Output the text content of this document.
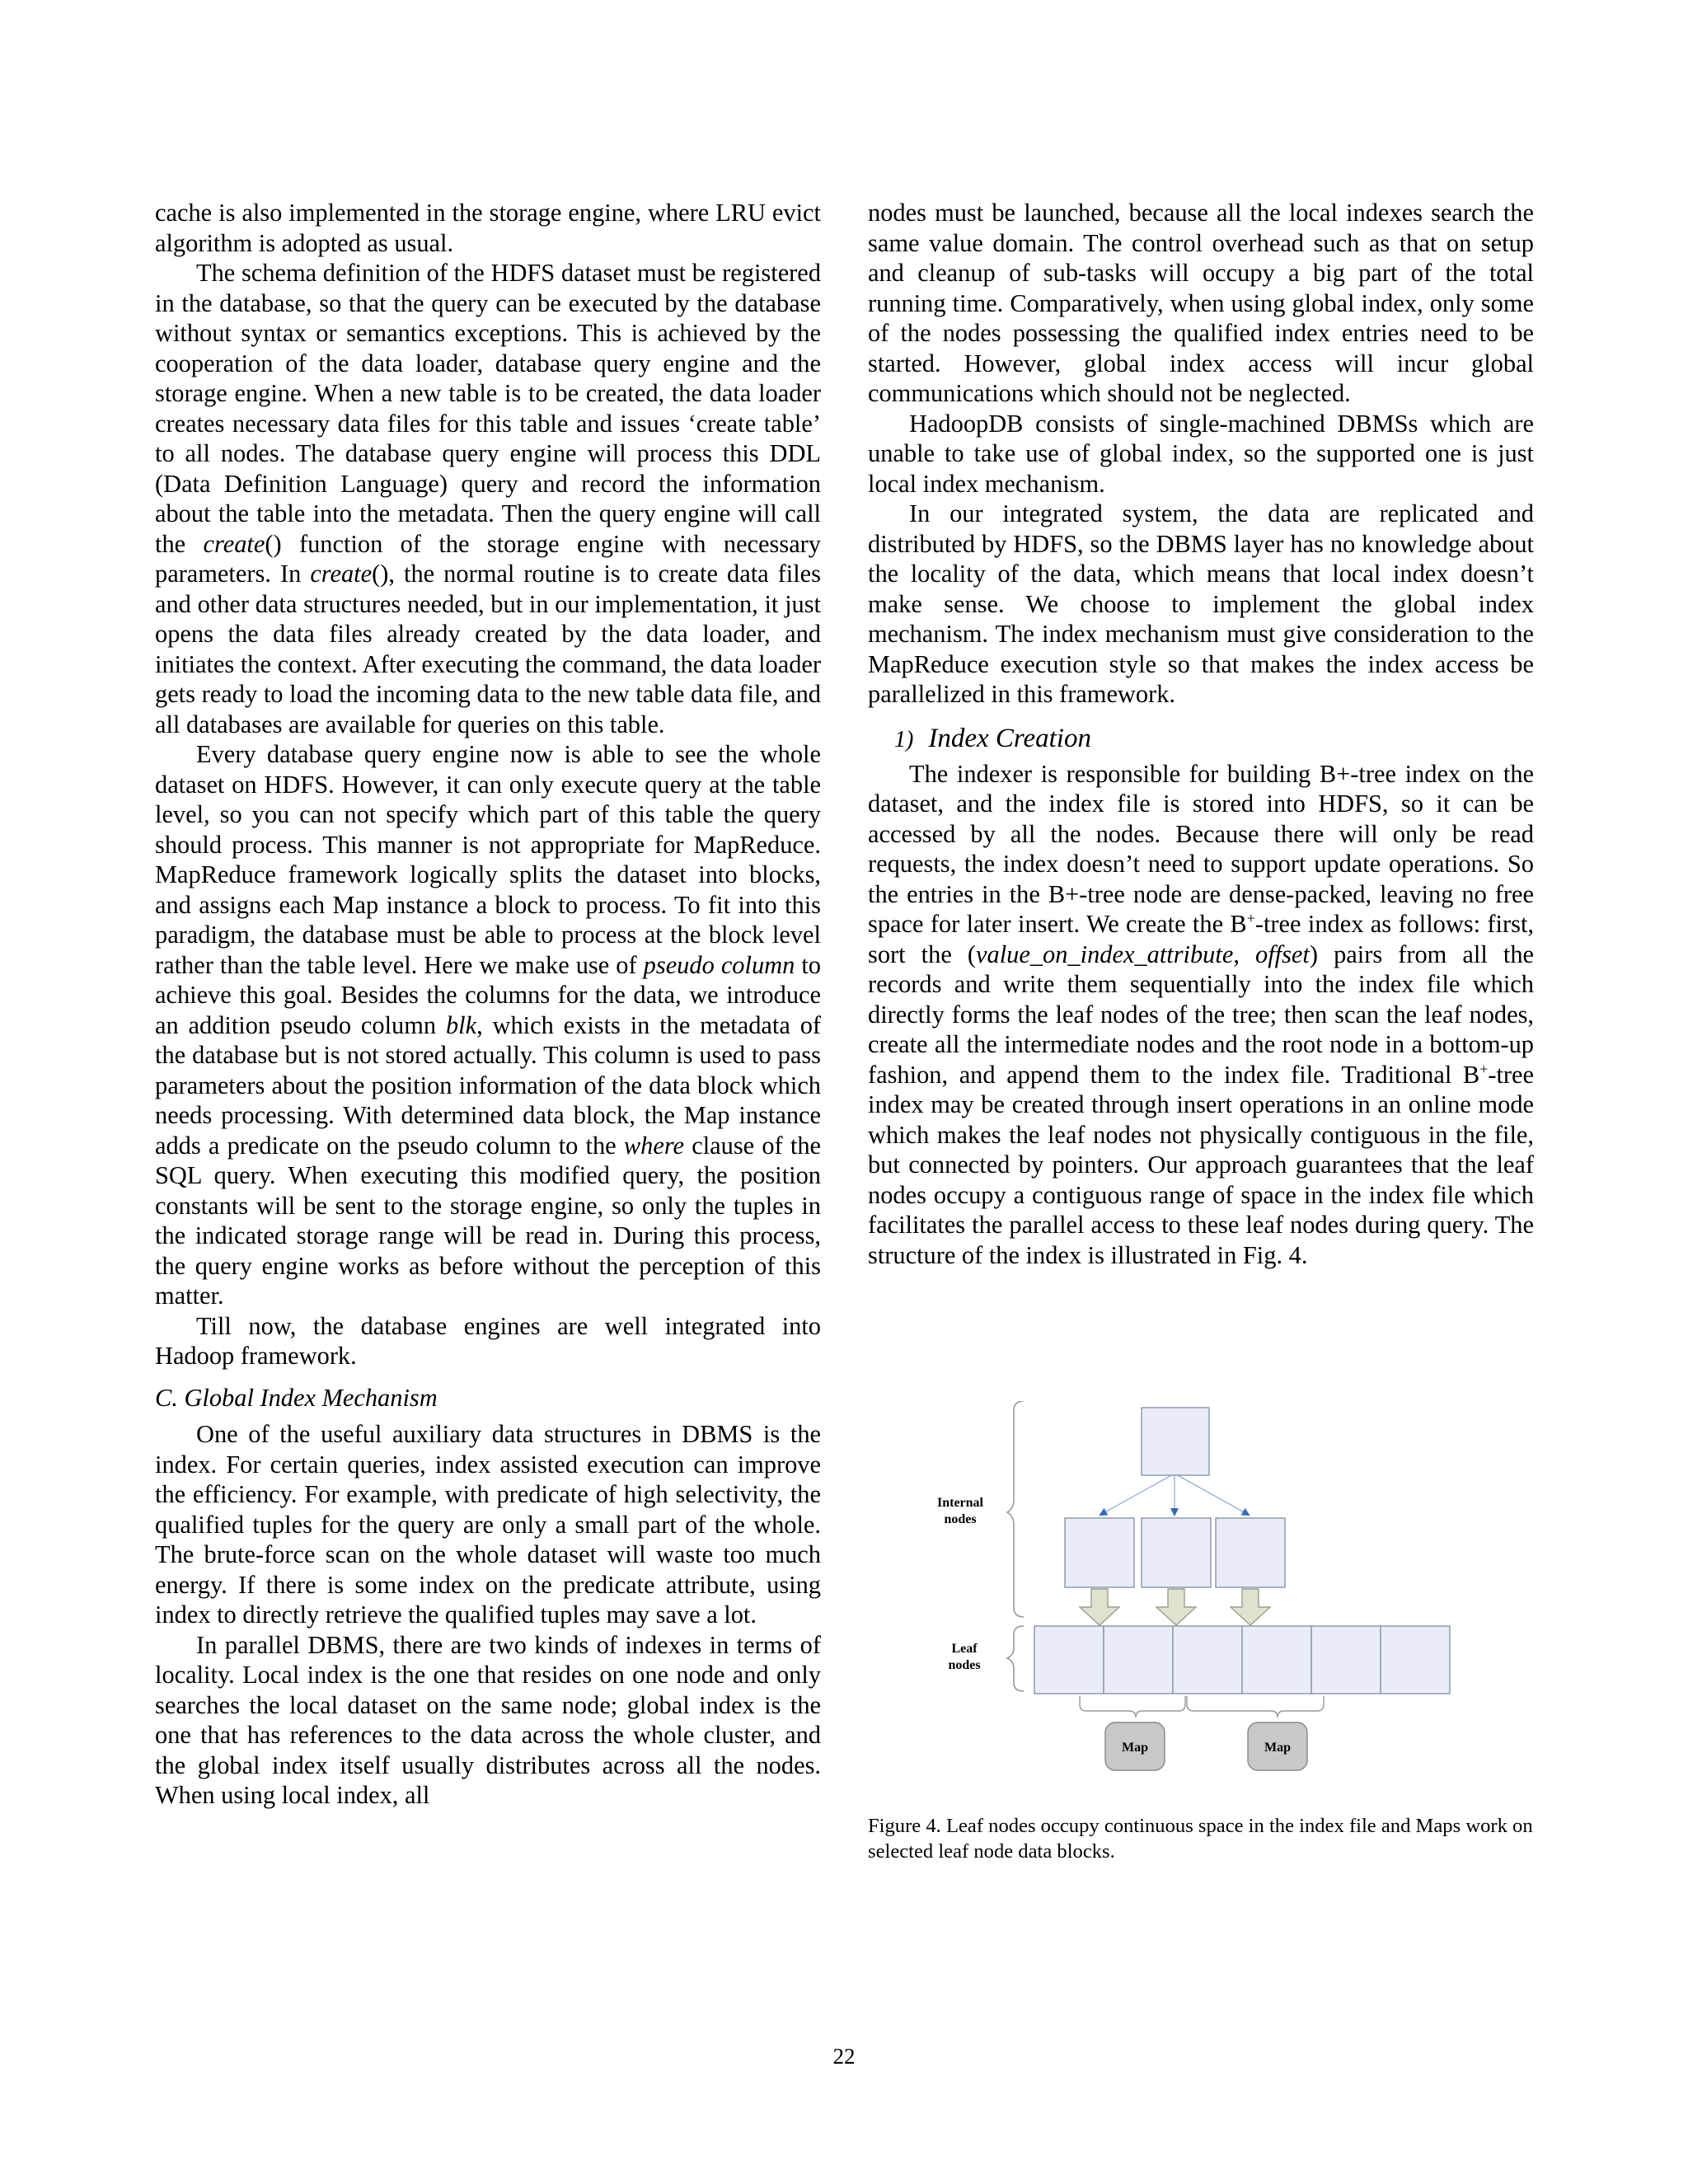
cache is also implemented in the storage engine, where LRU evict algorithm is adopted as usual.

The schema definition of the HDFS dataset must be registered in the database, so that the query can be executed by the database without syntax or semantics exceptions. This is achieved by the cooperation of the data loader, database query engine and the storage engine. When a new table is to be created, the data loader creates necessary data files for this table and issues ‘create table’ to all nodes. The database query engine will process this DDL (Data Definition Language) query and record the information about the table into the metadata. Then the query engine will call the create() function of the storage engine with necessary parameters. In create(), the normal routine is to create data files and other data structures needed, but in our implementation, it just opens the data files already created by the data loader, and initiates the context. After executing the command, the data loader gets ready to load the incoming data to the new table data file, and all databases are available for queries on this table.

Every database query engine now is able to see the whole dataset on HDFS. However, it can only execute query at the table level, so you can not specify which part of this table the query should process. This manner is not appropriate for MapReduce. MapReduce framework logically splits the dataset into blocks, and assigns each Map instance a block to process. To fit into this paradigm, the database must be able to process at the block level rather than the table level. Here we make use of pseudo column to achieve this goal. Besides the columns for the data, we introduce an addition pseudo column blk, which exists in the metadata of the database but is not stored actually. This column is used to pass parameters about the position information of the data block which needs processing. With determined data block, the Map instance adds a predicate on the pseudo column to the where clause of the SQL query. When executing this modified query, the position constants will be sent to the storage engine, so only the tuples in the indicated storage range will be read in. During this process, the query engine works as before without the perception of this matter.

Till now, the database engines are well integrated into Hadoop framework.

C. Global Index Mechanism

One of the useful auxiliary data structures in DBMS is the index. For certain queries, index assisted execution can improve the efficiency. For example, with predicate of high selectivity, the qualified tuples for the query are only a small part of the whole. The brute-force scan on the whole dataset will waste too much energy. If there is some index on the predicate attribute, using index to directly retrieve the qualified tuples may save a lot.

In parallel DBMS, there are two kinds of indexes in terms of locality. Local index is the one that resides on one node and only searches the local dataset on the same node; global index is the one that has references to the data across the whole cluster, and the global index itself usually distributes across all the nodes. When using local index, all

nodes must be launched, because all the local indexes search the same value domain. The control overhead such as that on setup and cleanup of sub-tasks will occupy a big part of the total running time. Comparatively, when using global index, only some of the nodes possessing the qualified index entries need to be started. However, global index access will incur global communications which should not be neglected.

HadoopDB consists of single-machined DBMSs which are unable to take use of global index, so the supported one is just local index mechanism.

In our integrated system, the data are replicated and distributed by HDFS, so the DBMS layer has no knowledge about the locality of the data, which means that local index doesn’t make sense. We choose to implement the global index mechanism. The index mechanism must give consideration to the MapReduce execution style so that makes the index access be parallelized in this framework.

1) Index Creation

The indexer is responsible for building B+-tree index on the dataset, and the index file is stored into HDFS, so it can be accessed by all the nodes. Because there will only be read requests, the index doesn’t need to support update operations. So the entries in the B+-tree node are dense-packed, leaving no free space for later insert. We create the B+-tree index as follows: first, sort the (value_on_index_attribute, offset) pairs from all the records and write them sequentially into the index file which directly forms the leaf nodes of the tree; then scan the leaf nodes, create all the intermediate nodes and the root node in a bottom-up fashion, and append them to the index file. Traditional B+-tree index may be created through insert operations in an online mode which makes the leaf nodes not physically contiguous in the file, but connected by pointers. Our approach guarantees that the leaf nodes occupy a contiguous range of space in the index file which facilitates the parallel access to these leaf nodes during query. The structure of the index is illustrated in Fig. 4.

Internal
nodes
Leaf
nodes
Map	Map
Figure 4. Leaf nodes occupy continuous space in the index file and Maps work on selected leaf node data blocks.
22
